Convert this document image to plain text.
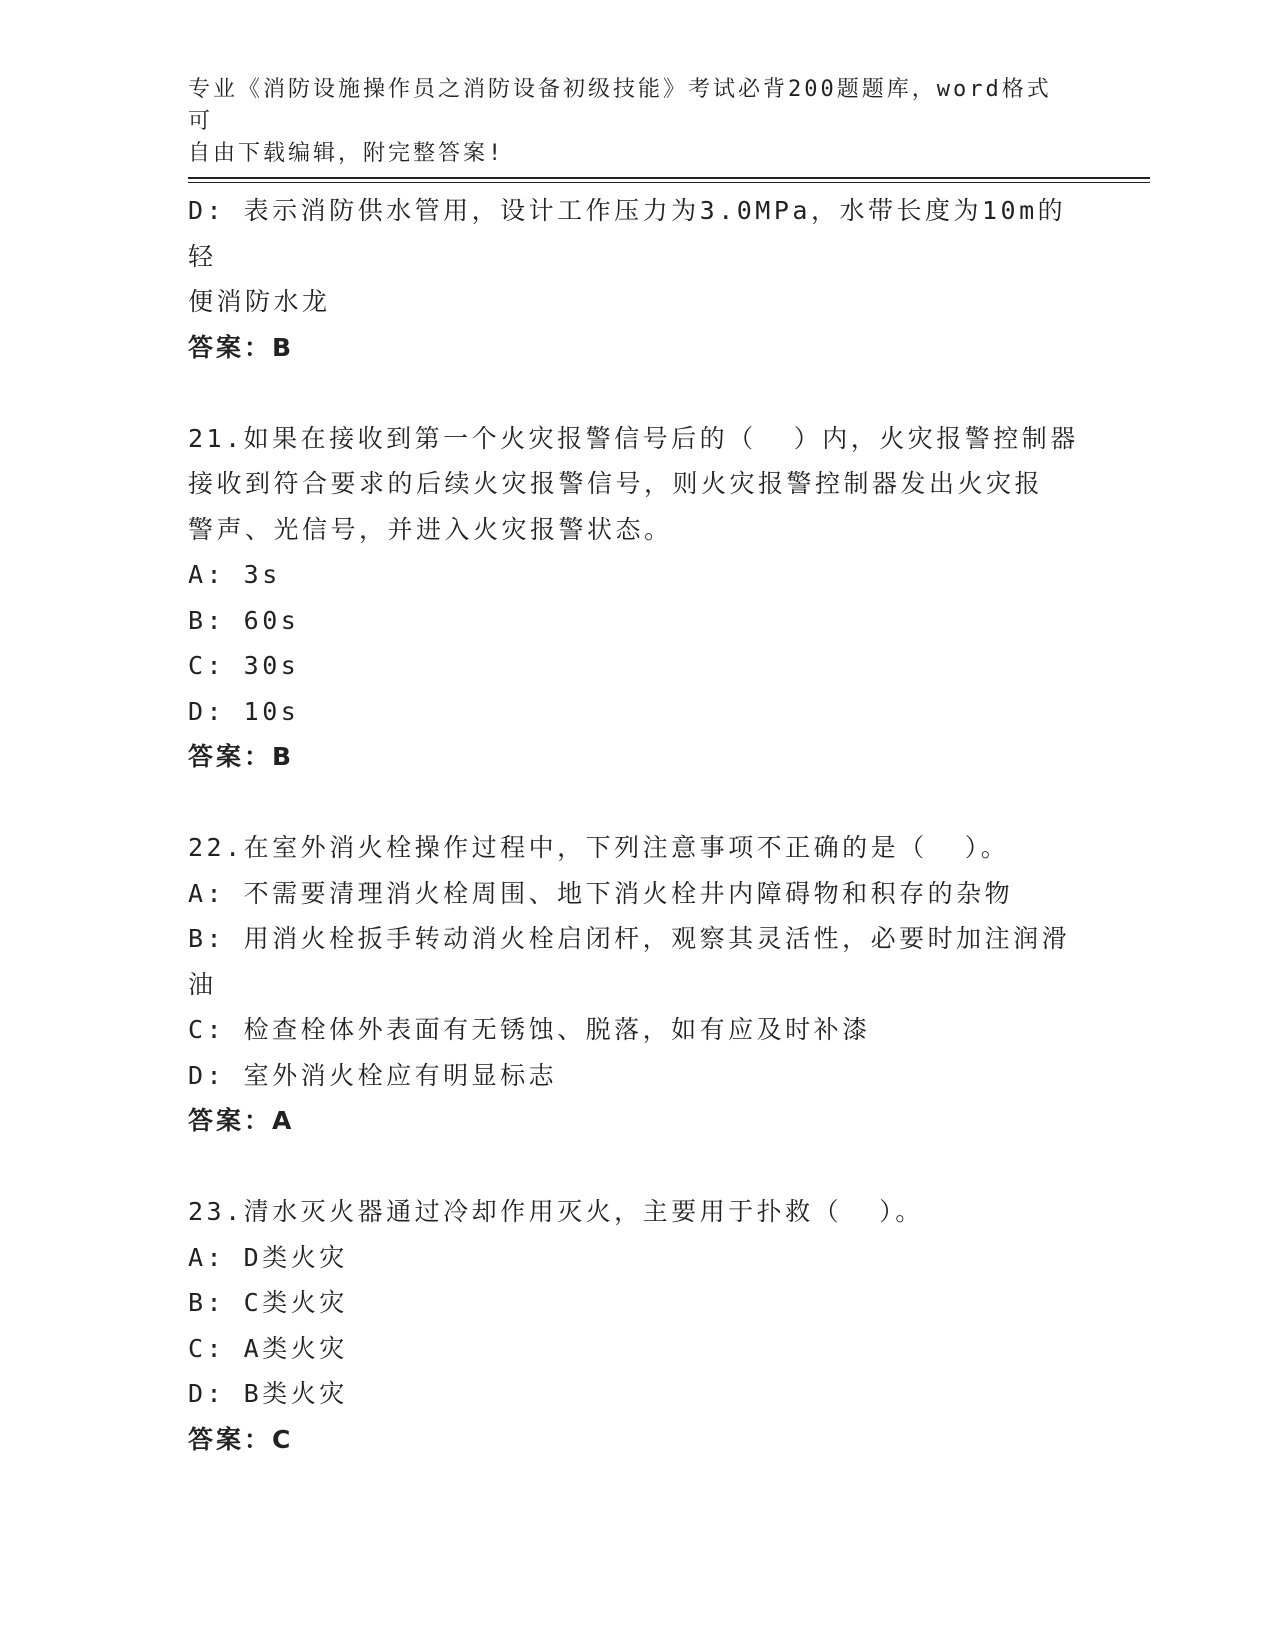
专业《消防设施操作员之消防设备初级技能》考试必背200题题库，word格式可
自由下载编辑，附完整答案!
D: 表示消防供水管用，设计工作压力为3.0MPa，水带长度为10m的轻
便消防水龙
答案：B
21.如果在接收到第一个火灾报警信号后的（  ）内，火灾报警控制器
接收到符合要求的后续火灾报警信号，则火灾报警控制器发出火灾报
警声、光信号，并进入火灾报警状态。
A: 3s
B: 60s
C: 30s
D: 10s
答案：B
22.在室外消火栓操作过程中，下列注意事项不正确的是（  ）。
A: 不需要清理消火栓周围、地下消火栓井内障碍物和积存的杂物
B: 用消火栓扳手转动消火栓启闭杆，观察其灵活性，必要时加注润滑
油
C: 检查栓体外表面有无锈蚀、脱落，如有应及时补漆
D: 室外消火栓应有明显标志
答案：A
23.清水灭火器通过冷却作用灭火，主要用于扑救（  ）。
A: D类火灾
B: C类火灾
C: A类火灾
D: B类火灾
答案：C
